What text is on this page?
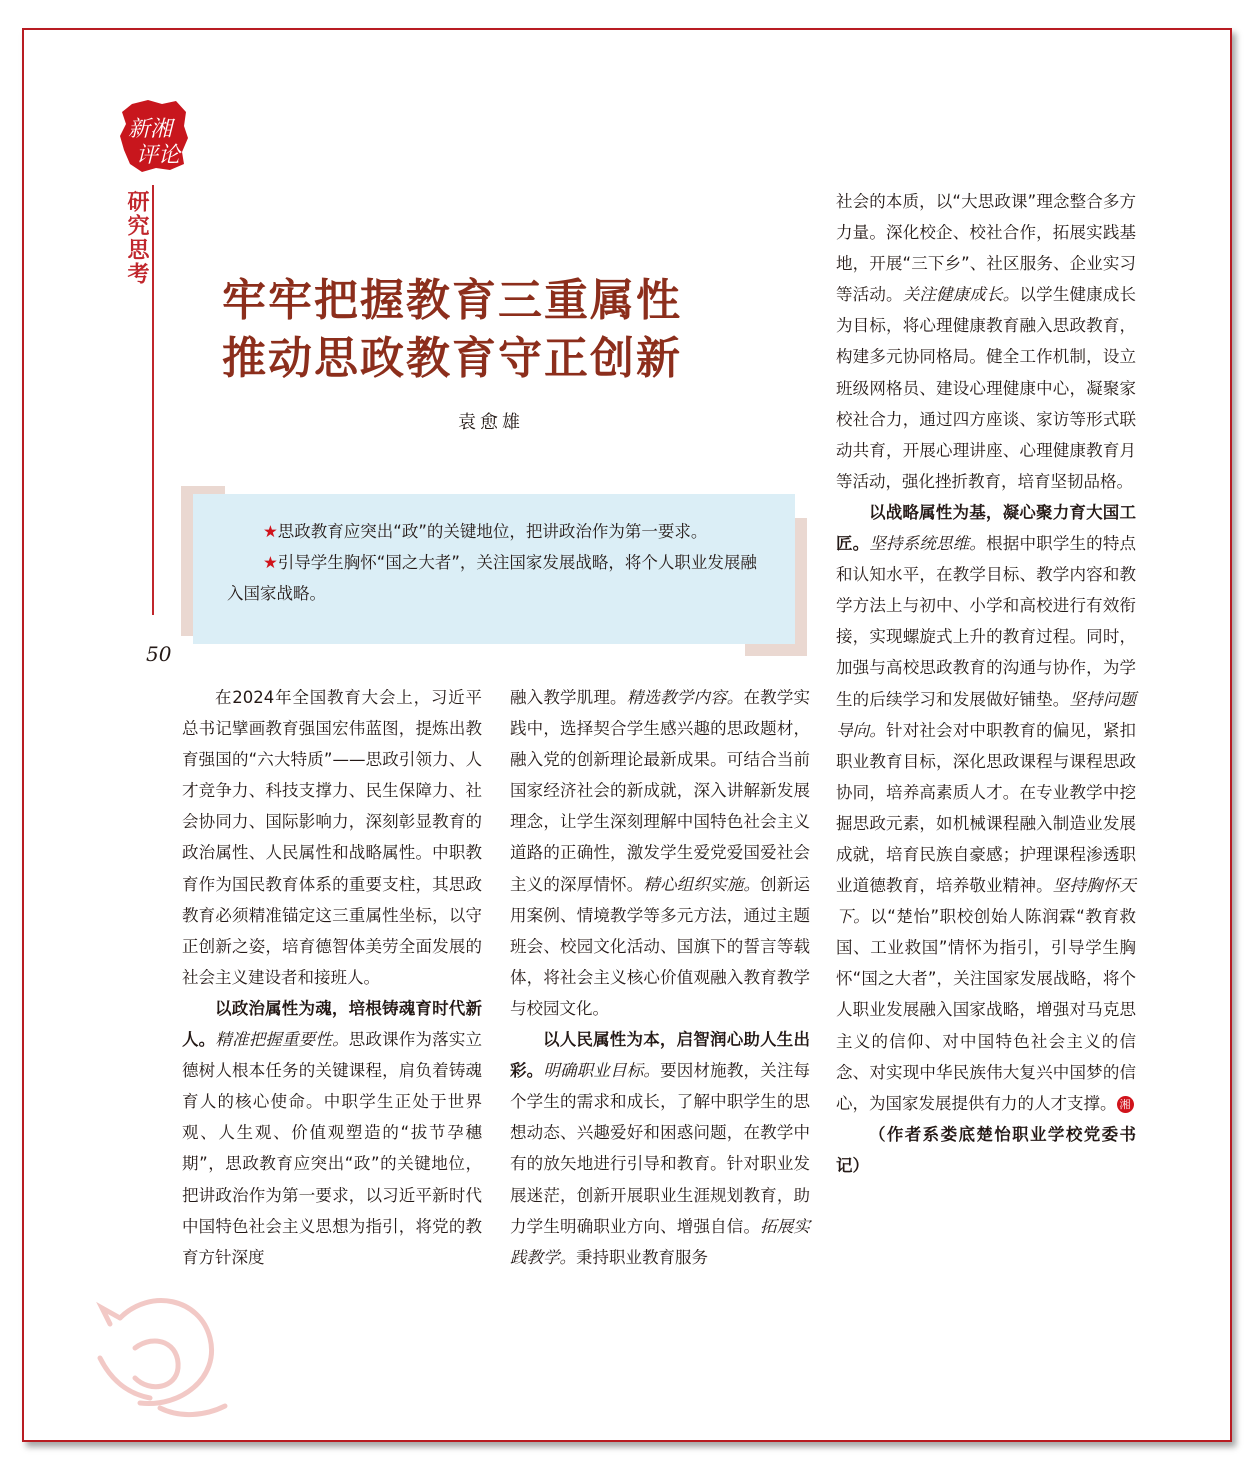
新湘
评论
研究思考
牢牢把握教育三重属性
推动思政教育守正创新
袁愈雄

★思政教育应突出“政”的关键地位，把讲政治作为第一要求。

★引导学生胸怀“国之大者”，关注国家发展战略，将个人职业发展融入国家战略。

50

在2024年全国教育大会上，习近平总书记擘画教育强国宏伟蓝图，提炼出教育强国的“六大特质”——思政引领力、人才竞争力、科技支撑力、民生保障力、社会协同力、国际影响力，深刻彰显教育的政治属性、人民属性和战略属性。中职教育作为国民教育体系的重要支柱，其思政教育必须精准锚定这三重属性坐标，以守正创新之姿，培育德智体美劳全面发展的社会主义建设者和接班人。

以政治属性为魂，培根铸魂育时代新人。精准把握重要性。思政课作为落实立德树人根本任务的关键课程，肩负着铸魂育人的核心使命。中职学生正处于世界观、人生观、价值观塑造的“拔节孕穗期”，思政教育应突出“政”的关键地位，把讲政治作为第一要求，以习近平新时代中国特色社会主义思想为指引，将党的教育方针深度

融入教学肌理。精选教学内容。在教学实践中，选择契合学生感兴趣的思政题材，融入党的创新理论最新成果。可结合当前国家经济社会的新成就，深入讲解新发展理念，让学生深刻理解中国特色社会主义道路的正确性，激发学生爱党爱国爱社会主义的深厚情怀。精心组织实施。创新运用案例、情境教学等多元方法，通过主题班会、校园文化活动、国旗下的誓言等载体，将社会主义核心价值观融入教育教学与校园文化。

以人民属性为本，启智润心助人生出彩。明确职业目标。要因材施教，关注每个学生的需求和成长，了解中职学生的思想动态、兴趣爱好和困惑问题，在教学中有的放矢地进行引导和教育。针对职业发展迷茫，创新开展职业生涯规划教育，助力学生明确职业方向、增强自信。拓展实践教学。秉持职业教育服务

社会的本质，以“大思政课”理念整合多方力量。深化校企、校社合作，拓展实践基地，开展“三下乡”、社区服务、企业实习等活动。关注健康成长。以学生健康成长为目标，将心理健康教育融入思政教育，构建多元协同格局。健全工作机制，设立班级网格员、建设心理健康中心，凝聚家校社合力，通过四方座谈、家访等形式联动共育，开展心理讲座、心理健康教育月等活动，强化挫折教育，培育坚韧品格。

以战略属性为基，凝心聚力育大国工匠。坚持系统思维。根据中职学生的特点和认知水平，在教学目标、教学内容和教学方法上与初中、小学和高校进行有效衔接，实现螺旋式上升的教育过程。同时，加强与高校思政教育的沟通与协作，为学生的后续学习和发展做好铺垫。坚持问题导向。针对社会对中职教育的偏见，紧扣职业教育目标，深化思政课程与课程思政协同，培养高素质人才。在专业教学中挖掘思政元素，如机械课程融入制造业发展成就，培育民族自豪感；护理课程渗透职业道德教育，培养敬业精神。坚持胸怀天下。以“楚怡”职校创始人陈润霖“教育救国、工业救国”情怀为指引，引导学生胸怀“国之大者”，关注国家发展战略，将个人职业发展融入国家战略，增强对马克思主义的信仰、对中国特色社会主义的信念、对实现中华民族伟大复兴中国梦的信心，为国家发展提供有力的人才支撑。 湘

（作者系娄底楚怡职业学校党委书记）
